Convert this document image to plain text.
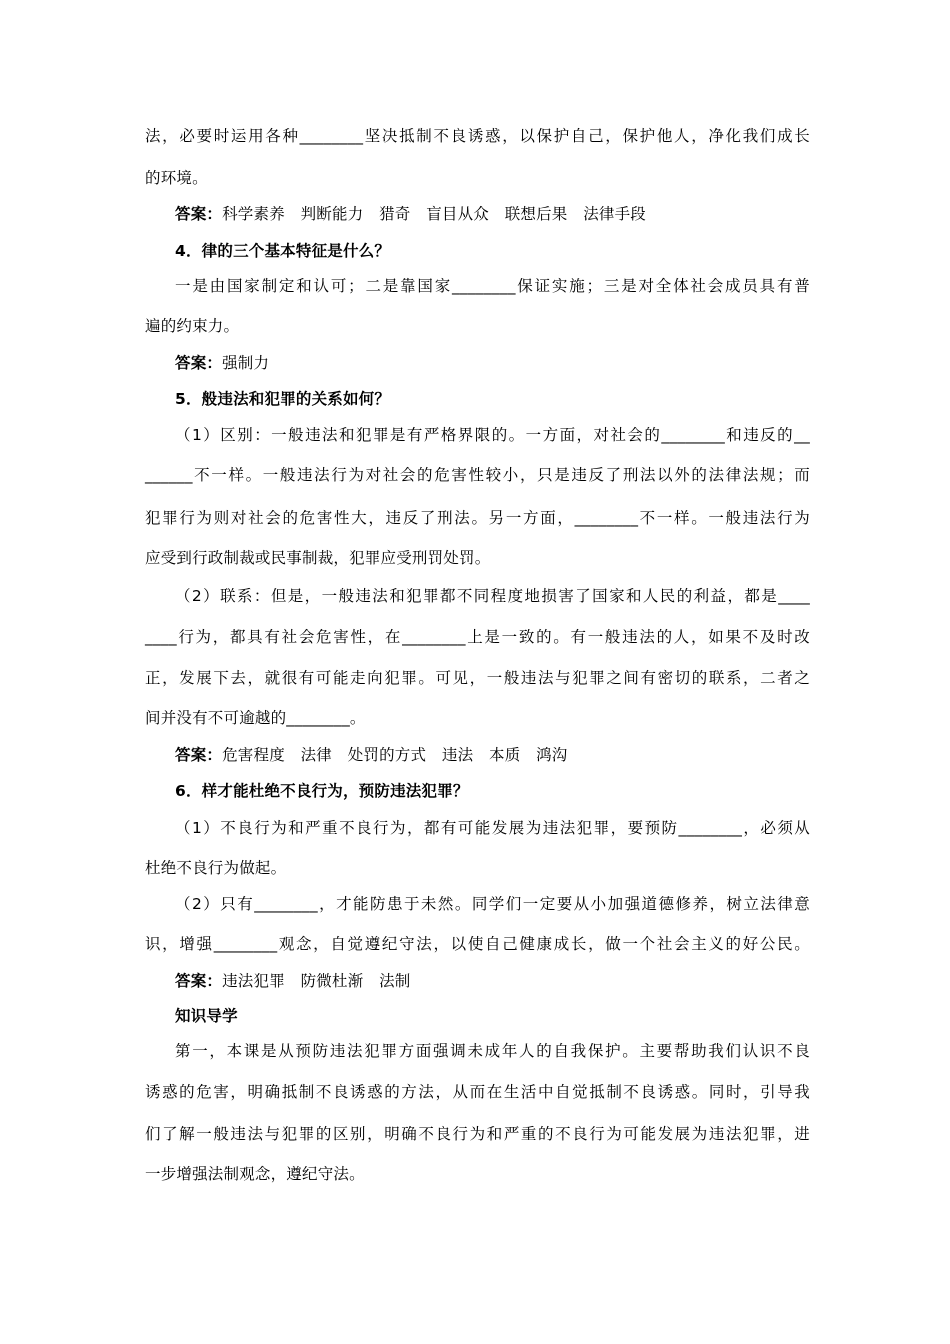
法，必要时运用各种________坚决抵制不良诱惑，以保护自己，保护他人，净化我们成长
的环境。
答案：科学素养　判断能力　猎奇　盲目从众　联想后果　法律手段
4．律的三个基本特征是什么？
一是由国家制定和认可；二是靠国家________保证实施；三是对全体社会成员具有普
遍的约束力。
答案：强制力
5．般违法和犯罪的关系如何？
（1）区别：一般违法和犯罪是有严格界限的。一方面，对社会的________和违反的__
______不一样。一般违法行为对社会的危害性较小，只是违反了刑法以外的法律法规；而
犯罪行为则对社会的危害性大，违反了刑法。另一方面，________不一样。一般违法行为
应受到行政制裁或民事制裁，犯罪应受刑罚处罚。
（2）联系：但是，一般违法和犯罪都不同程度地损害了国家和人民的利益，都是____
____行为，都具有社会危害性，在________上是一致的。有一般违法的人，如果不及时改
正，发展下去，就很有可能走向犯罪。可见，一般违法与犯罪之间有密切的联系，二者之
间并没有不可逾越的________。
答案：危害程度　法律　处罚的方式　违法　本质　鸿沟
6．样才能杜绝不良行为，预防违法犯罪？
（1）不良行为和严重不良行为，都有可能发展为违法犯罪，要预防________，必须从
杜绝不良行为做起。
（2）只有________，才能防患于未然。同学们一定要从小加强道德修养，树立法律意
识，增强________观念，自觉遵纪守法，以使自己健康成长，做一个社会主义的好公民。
答案：违法犯罪　防微杜渐　法制
知识导学
第一，本课是从预防违法犯罪方面强调未成年人的自我保护。主要帮助我们认识不良
诱惑的危害，明确抵制不良诱惑的方法，从而在生活中自觉抵制不良诱惑。同时，引导我
们了解一般违法与犯罪的区别，明确不良行为和严重的不良行为可能发展为违法犯罪，进
一步增强法制观念，遵纪守法。
